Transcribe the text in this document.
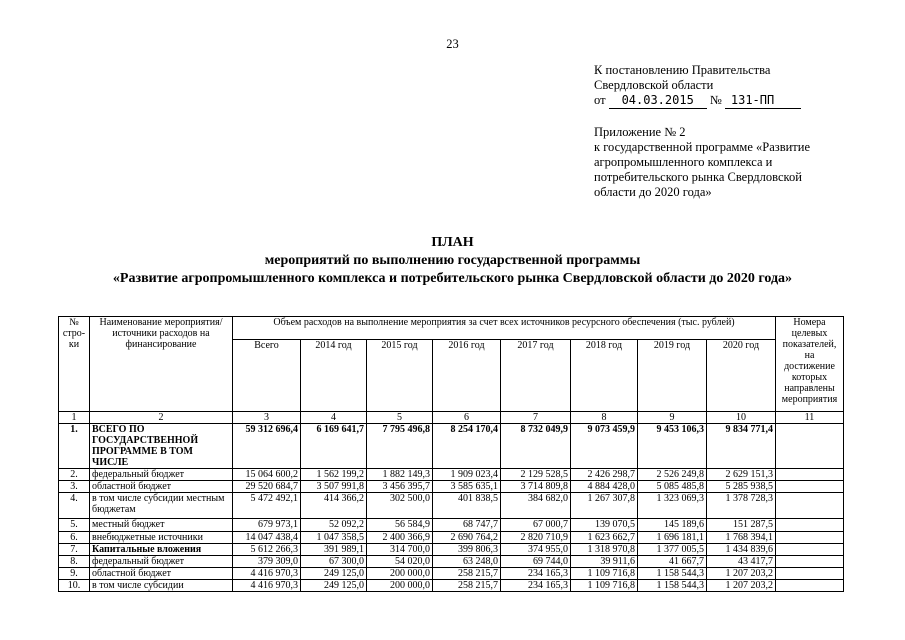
23
К постановлению Правительства
Свердловской области
от 04.03.2015 № 131-ПП
Приложение № 2
к государственной программе «Развитие
агропромышленного комплекса и
потребительского рынка Свердловской
области до 2020 года»
ПЛАН
мероприятий по выполнению государственной программы
«Развитие агропромышленного комплекса и потребительского рынка Свердловской области до 2020 года»
№ стро-ки	Наименование мероприятия/ источники расходов на финансирование	Объем расходов на выполнение мероприятия за счет всех источников ресурсного обеспечения (тыс. рублей)								Номера целевых показателей, на достижение которых направлены мероприятия
		Всего	2014 год	2015 год	2016 год	2017 год	2018 год	2019 год	2020 год	
1	2	3	4	5	6	7	8	9	10	11
1.	ВСЕГО ПО ГОСУДАРСТВЕННОЙ ПРОГРАММЕ В ТОМ ЧИСЛЕ	59 312 696,4	6 169 641,7	7 795 496,8	8 254 170,4	8 732 049,9	9 073 459,9	9 453 106,3	9 834 771,4	
2.	федеральный бюджет	15 064 600,2	1 562 199,2	1 882 149,3	1 909 023,4	2 129 528,5	2 426 298,7	2 526 249,8	2 629 151,3	
3.	областной бюджет	29 520 684,7	3 507 991,8	3 456 395,7	3 585 635,1	3 714 809,8	4 884 428,0	5 085 485,8	5 285 938,5	
4.	в том числе субсидии местным бюджетам	5 472 492,1	414 366,2	302 500,0	401 838,5	384 682,0	1 267 307,8	1 323 069,3	1 378 728,3	
5.	местный бюджет	679 973,1	52 092,2	56 584,9	68 747,7	67 000,7	139 070,5	145 189,6	151 287,5	
6.	внебюджетные источники	14 047 438,4	1 047 358,5	2 400 366,9	2 690 764,2	2 820 710,9	1 623 662,7	1 696 181,1	1 768 394,1	
7.	Капитальные вложения	5 612 266,3	391 989,1	314 700,0	399 806,3	374 955,0	1 318 970,8	1 377 005,5	1 434 839,6	
8.	федеральный бюджет	379 309,0	67 300,0	54 020,0	63 248,0	69 744,0	39 911,6	41 667,7	43 417,7	
9.	областной бюджет	4 416 970,3	249 125,0	200 000,0	258 215,7	234 165,3	1 109 716,8	1 158 544,3	1 207 203,2	
10.	в том числе субсидии	4 416 970,3	249 125,0	200 000,0	258 215,7	234 165,3	1 109 716,8	1 158 544,3	1 207 203,2	
